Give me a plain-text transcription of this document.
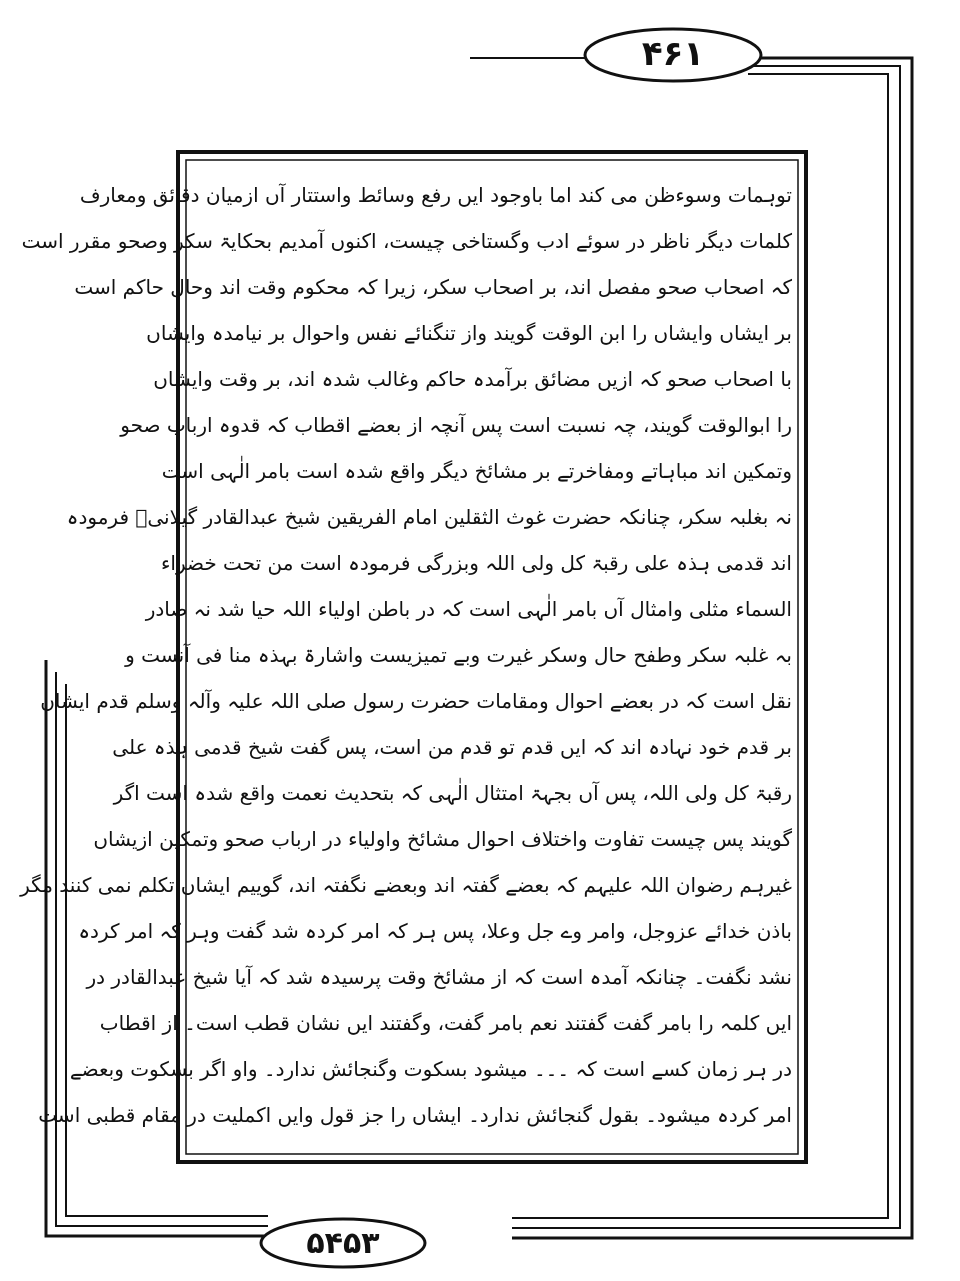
۴۶۱
۵۴۵۳
توہمات وسوءظن می کند اما باوجود ایں رفع وسائط واستتار آں ازمیان دقائق ومعارف
کلمات دیگر ناظر در سوئے ادب وگستاخی چیست، اکنوں آمدیم بحکایۃ سکر وصحو مقرر است
کہ اصحاب صحو مفصل اند، بر اصحاب سکر، زیرا کہ محکوم وقت اند وحال حاکم است
بر ایشاں وایشاں را ابن الوقت گویند واز تنگنائے نفس واحوال بر نیامدہ وایشاں
با اصحاب صحو کہ ازیں مضائق برآمدہ حاکم وغالب شدہ اند، بر وقت وایشاں
را ابوالوقت گویند، چہ نسبت است پس آنچہ از بعضے اقطاب کہ قدوہ ارباب صحو
وتمکین اند مباہاتے ومفاخرتے بر مشائخ دیگر واقع شدہ است بامر الٰہی است
نہ بغلبہ سکر، چنانکہ حضرت غوث الثقلین امام الفریقین شیخ عبدالقادر گیلانیؒ فرمودہ
اند قدمی ہذہ علی رقبۃ کل ولی اللہ وبزرگی فرمودہ است من تحت خضراء
السماء مثلی وامثال آں بامر الٰہی است کہ در باطن اولیاء اللہ حیا شد نہ صادر
بہ غلبہ سکر وطفح حال وسکر غیرت وبے تمیزیست واشارۃ بہذہ منا فی آنست و
نقل است کہ در بعضے احوال ومقامات حضرت رسول صلی اللہ علیہ وآلہ وسلم قدم ایشاں
بر قدم خود نہادہ اند کہ ایں قدم تو قدم من است، پس گفت شیخ قدمی ہذہ علی
رقبۃ کل ولی اللہ، پس آں بجہۃ امتثال الٰہی کہ بتحدیث نعمت واقع شدہ است اگر
گویند پس چیست تفاوت واختلاف احوال مشائخ واولیاء در ارباب صحو وتمکین ازیشاں
غیرہم رضوان اللہ علیہم کہ بعضے گفتہ اند وبعضے نگفتہ اند، گوییم ایشاں تکلم نمی کنند مگر
باذن خدائے عزوجل، وامر وے جل وعلا، پس ہر کہ امر کردہ شد گفت وہر کہ امر کردہ
نشد نگفت۔ چنانکہ آمدہ است کہ از مشائخ وقت پرسیدہ شد کہ آیا شیخ عبدالقادر در
ایں کلمہ را بامر گفت گفتند نعم بامر گفت، وگفتند ایں نشان قطب است۔ از اقطاب
در ہر زمان کسے است کہ ۔۔۔ میشود بسکوت وگنجائش ندارد۔ واو اگر بسکوت وبعضے
امر کردہ میشود۔ بقول گنجائش ندارد۔ ایشاں را جز قول وایں اکملیت در مقام قطبی است
